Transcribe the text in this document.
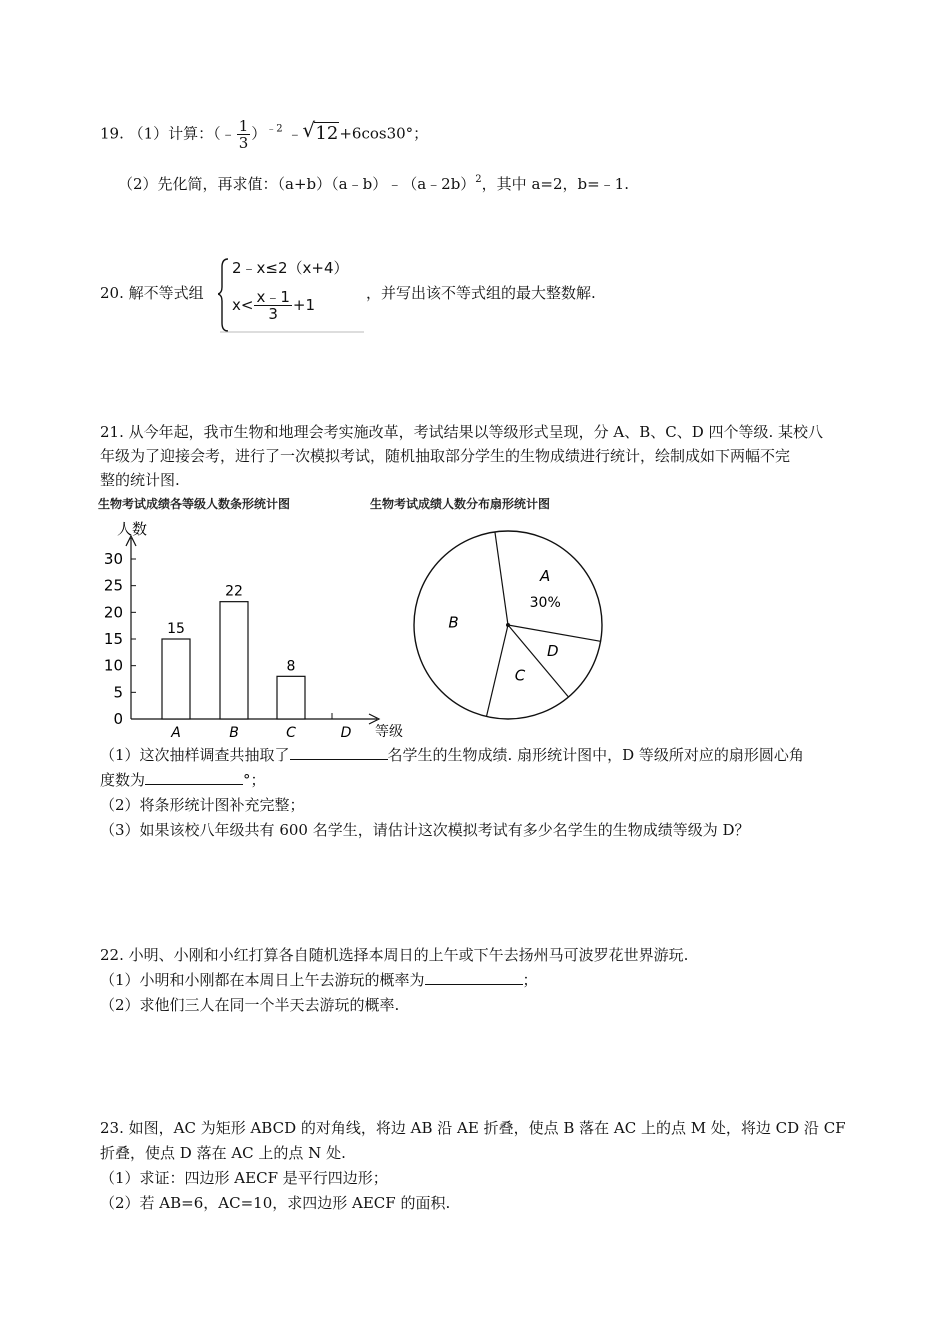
19. （1）计算：（﹣ $\frac{1}{3} )^{﹣2}$ ﹣ √ 12+6cos30°；
（2）先化简，再求值：（a+b）（a﹣b）﹣（a﹣2b）$^2$，其中 a=2，b=﹣1.
20. 解不等式组
2﹣x≤2（x+4）
$x< \frac{x﹣1}{3} +1$
，并写出该不等式组的最大整数解.
21. 从今年起，我市生物和地理会考实施改革，考试结果以等级形式呈现，分 A、B、C、D 四个等级. 某校八
年级为了迎接会考，进行了一次模拟考试，随机抽取部分学生的生物成绩进行统计，绘制成如下两幅不完
整的统计图.
生物考试成绩各等级人数条形统计图	生物考试成绩人数分布扇形统计图
人数
等级
0
5
10
15
20
25
30
15
A
22
B
8
C	D
A
30%
D
C
B
（1）这次抽样调查共抽取了	名学生的生物成绩. 扇形统计图中，D 等级所对应的扇形圆心角
度数为	°；
（2）将条形统计图补充完整；
（3）如果该校八年级共有 600 名学生，请估计这次模拟考试有多少名学生的生物成绩等级为 D？
22. 小明、小刚和小红打算各自随机选择本周日的上午或下午去扬州马可波罗花世界游玩.
（1）小明和小刚都在本周日上午去游玩的概率为	；
（2）求他们三人在同一个半天去游玩的概率.
23. 如图，AC 为矩形 ABCD 的对角线，将边 AB 沿 AE 折叠，使点 B 落在 AC 上的点 M 处，将边 CD 沿 CF
折叠，使点 D 落在 AC 上的点 N 处.
（1）求证：四边形 AECF 是平行四边形；
（2）若 AB=6，AC=10，求四边形 AECF 的面积.
